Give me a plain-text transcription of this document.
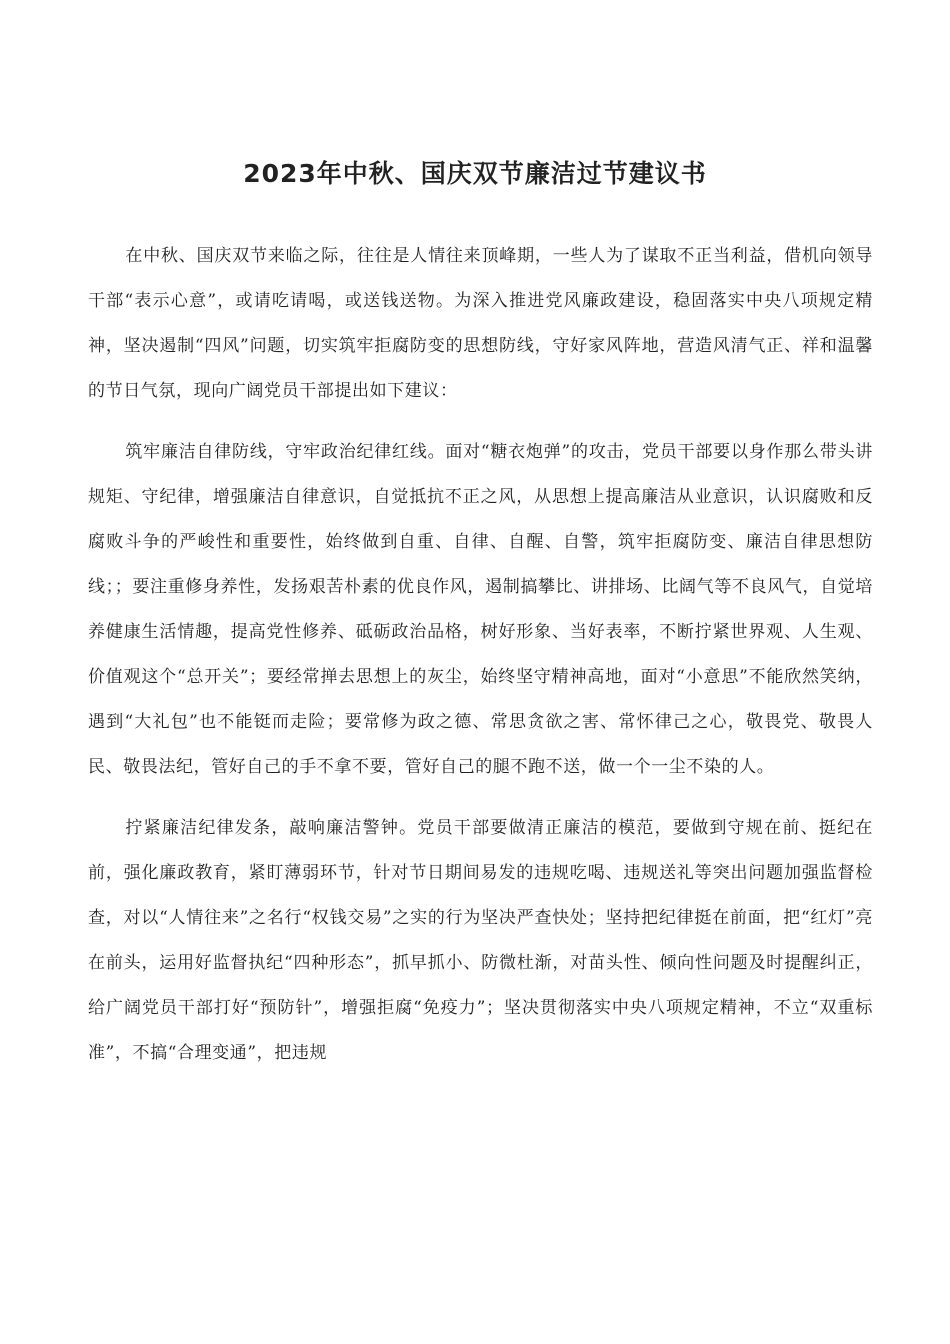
2023年中秋、国庆双节廉洁过节建议书

在中秋、国庆双节来临之际，往往是人情往来顶峰期，一些人为了谋取不正当利益，借机向领导干部“表示心意”，或请吃请喝，或送钱送物。为深入推进党风廉政建设，稳固落实中央八项规定精神，坚决遏制“四风”问题，切实筑牢拒腐防变的思想防线，守好家风阵地，营造风清气正、祥和温馨的节日气氛，现向广阔党员干部提出如下建议：

筑牢廉洁自律防线，守牢政治纪律红线。面对“糖衣炮弹”的攻击，党员干部要以身作那么带头讲规矩、守纪律，增强廉洁自律意识，自觉抵抗不正之风，从思想上提高廉洁从业意识，认识腐败和反腐败斗争的严峻性和重要性，始终做到自重、自律、自醒、自警，筑牢拒腐防变、廉洁自律思想防线；；要注重修身养性，发扬艰苦朴素的优良作风，遏制搞攀比、讲排场、比阔气等不良风气，自觉培养健康生活情趣，提高党性修养、砥砺政治品格，树好形象、当好表率，不断拧紧世界观、人生观、价值观这个“总开关”；要经常掸去思想上的灰尘，始终坚守精神高地，面对“小意思”不能欣然笑纳，遇到“大礼包”也不能铤而走险；要常修为政之德、常思贪欲之害、常怀律己之心，敬畏党、敬畏人民、敬畏法纪，管好自己的手不拿不要，管好自己的腿不跑不送，做一个一尘不染的人。

拧紧廉洁纪律发条，敲响廉洁警钟。党员干部要做清正廉洁的模范，要做到守规在前、挺纪在前，强化廉政教育，紧盯薄弱环节，针对节日期间易发的违规吃喝、违规送礼等突出问题加强监督检查，对以“人情往来”之名行“权钱交易”之实的行为坚决严查快处；坚持把纪律挺在前面，把“红灯”亮在前头，运用好监督执纪“四种形态”，抓早抓小、防微杜渐，对苗头性、倾向性问题及时提醒纠正，给广阔党员干部打好“预防针”，增强拒腐“免疫力”；坚决贯彻落实中央八项规定精神，不立“双重标准”，不搞“合理变通”，把违规
